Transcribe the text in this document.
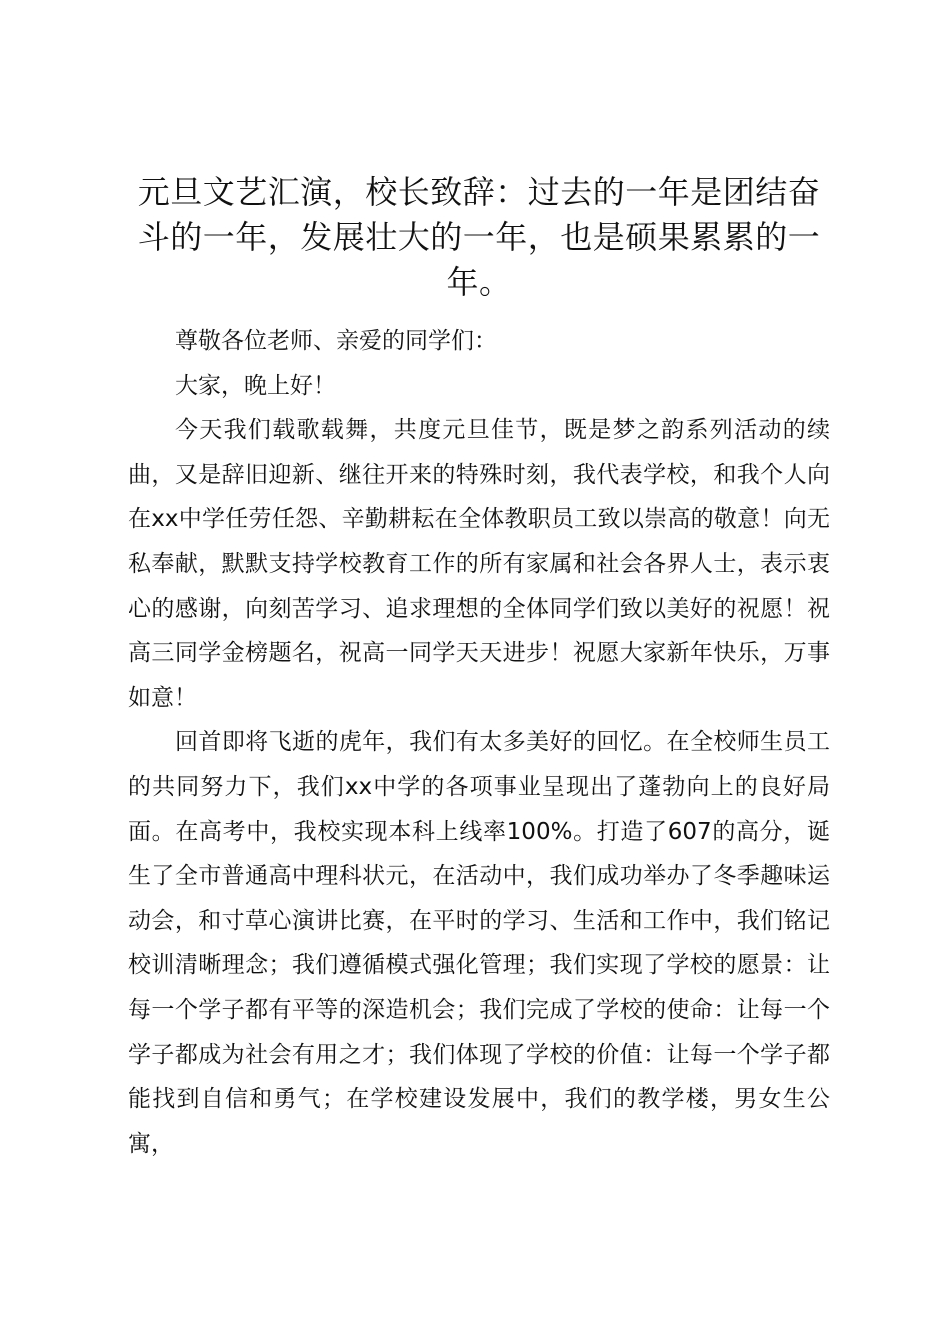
元旦文艺汇演，校长致辞：过去的一年是团结奋斗的一年，发展壮大的一年，也是硕果累累的一年。

尊敬各位老师、亲爱的同学们：

大家，晚上好！

今天我们载歌载舞，共度元旦佳节，既是梦之韵系列活动的续曲，又是辞旧迎新、继往开来的特殊时刻，我代表学校，和我个人向在xx中学任劳任怨、辛勤耕耘在全体教职员工致以崇高的敬意！向无私奉献，默默支持学校教育工作的所有家属和社会各界人士，表示衷心的感谢，向刻苦学习、追求理想的全体同学们致以美好的祝愿！祝高三同学金榜题名，祝高一同学天天进步！祝愿大家新年快乐，万事如意！

回首即将飞逝的虎年，我们有太多美好的回忆。在全校师生员工的共同努力下，我们xx中学的各项事业呈现出了蓬勃向上的良好局面。在高考中，我校实现本科上线率100%。打造了607的高分，诞生了全市普通高中理科状元，在活动中，我们成功举办了冬季趣味运动会，和寸草心演讲比赛，在平时的学习、生活和工作中，我们铭记校训清晰理念；我们遵循模式强化管理；我们实现了学校的愿景：让每一个学子都有平等的深造机会；我们完成了学校的使命：让每一个学子都成为社会有用之才；我们体现了学校的价值：让每一个学子都能找到自信和勇气；在学校建设发展中，我们的教学楼，男女生公寓，
